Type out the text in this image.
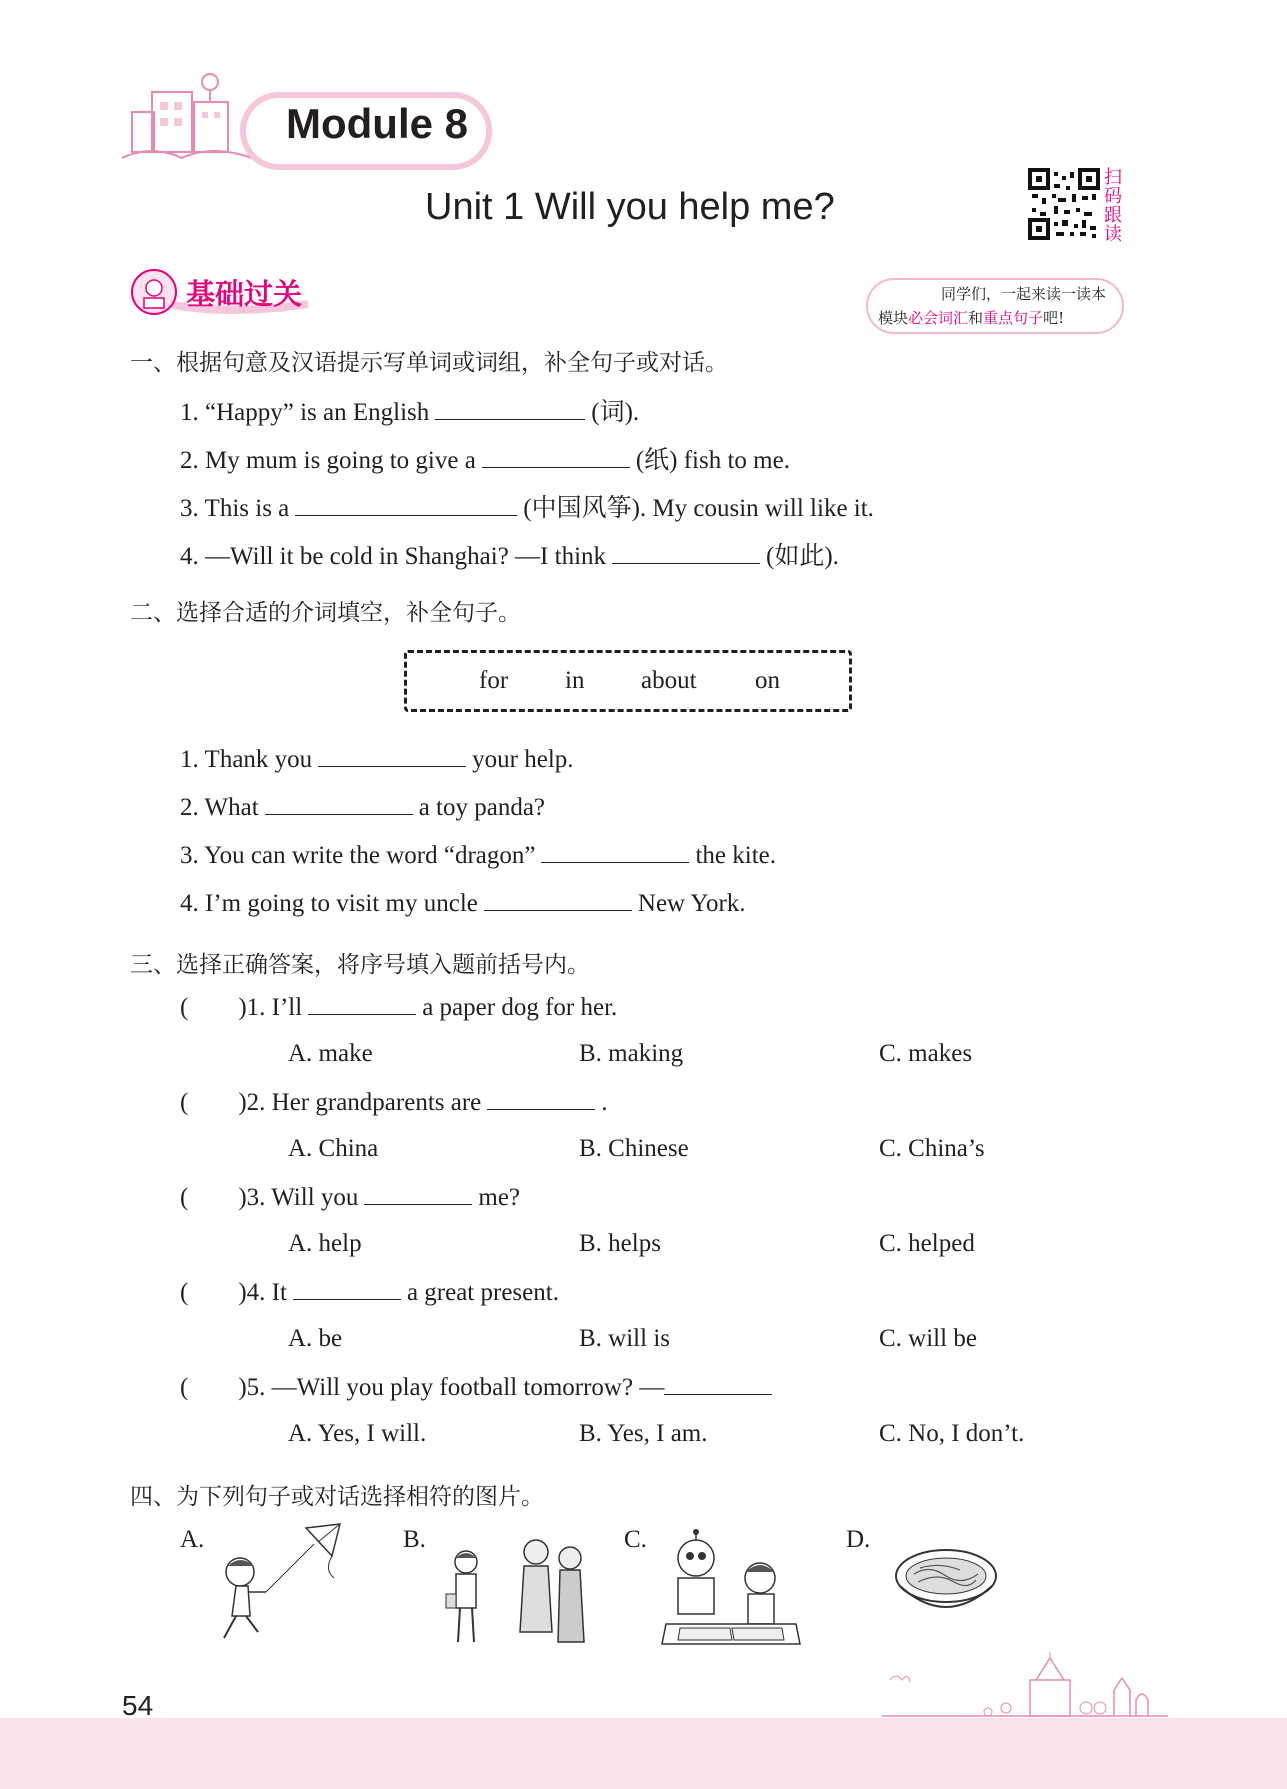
Module 8
Unit 1 Will you help me?
扫码跟读
基础过关	同学们，一起来读一读本
模块必会词汇和重点句子吧!
一、根据句意及汉语提示写单词或词组，补全句子或对话。
1. “Happy” is an English	(词).
2. My mum is going to give a	(纸) fish to me.
3. This is a	(中国风筝). My cousin will like it.
4. —Will it be cold in Shanghai? —I think	(如此).
二、选择合适的介词填空，补全句子。
for in about on
1. Thank you	your help.
2. What	a toy panda?
3. You can write the word “dragon”	the kite.
4. I’m going to visit my uncle	New York.
三、选择正确答案，将序号填入题前括号内。
(        )1. I’ll	a paper dog for her.
A. make	B. making	C. makes
(        )2. Her grandparents are	.
A. China	B. Chinese	C. China’s
(        )3. Will you	me?
A. help	B. helps	C. helped
(        )4. It	a great present.
A. be	B. will is	C. will be
(        )5. —Will you play football tomorrow? —
A. Yes, I will.	B. Yes, I am.	C. No, I don’t.
四、为下列句子或对话选择相符的图片。
A.	B.	C.	D.
54
